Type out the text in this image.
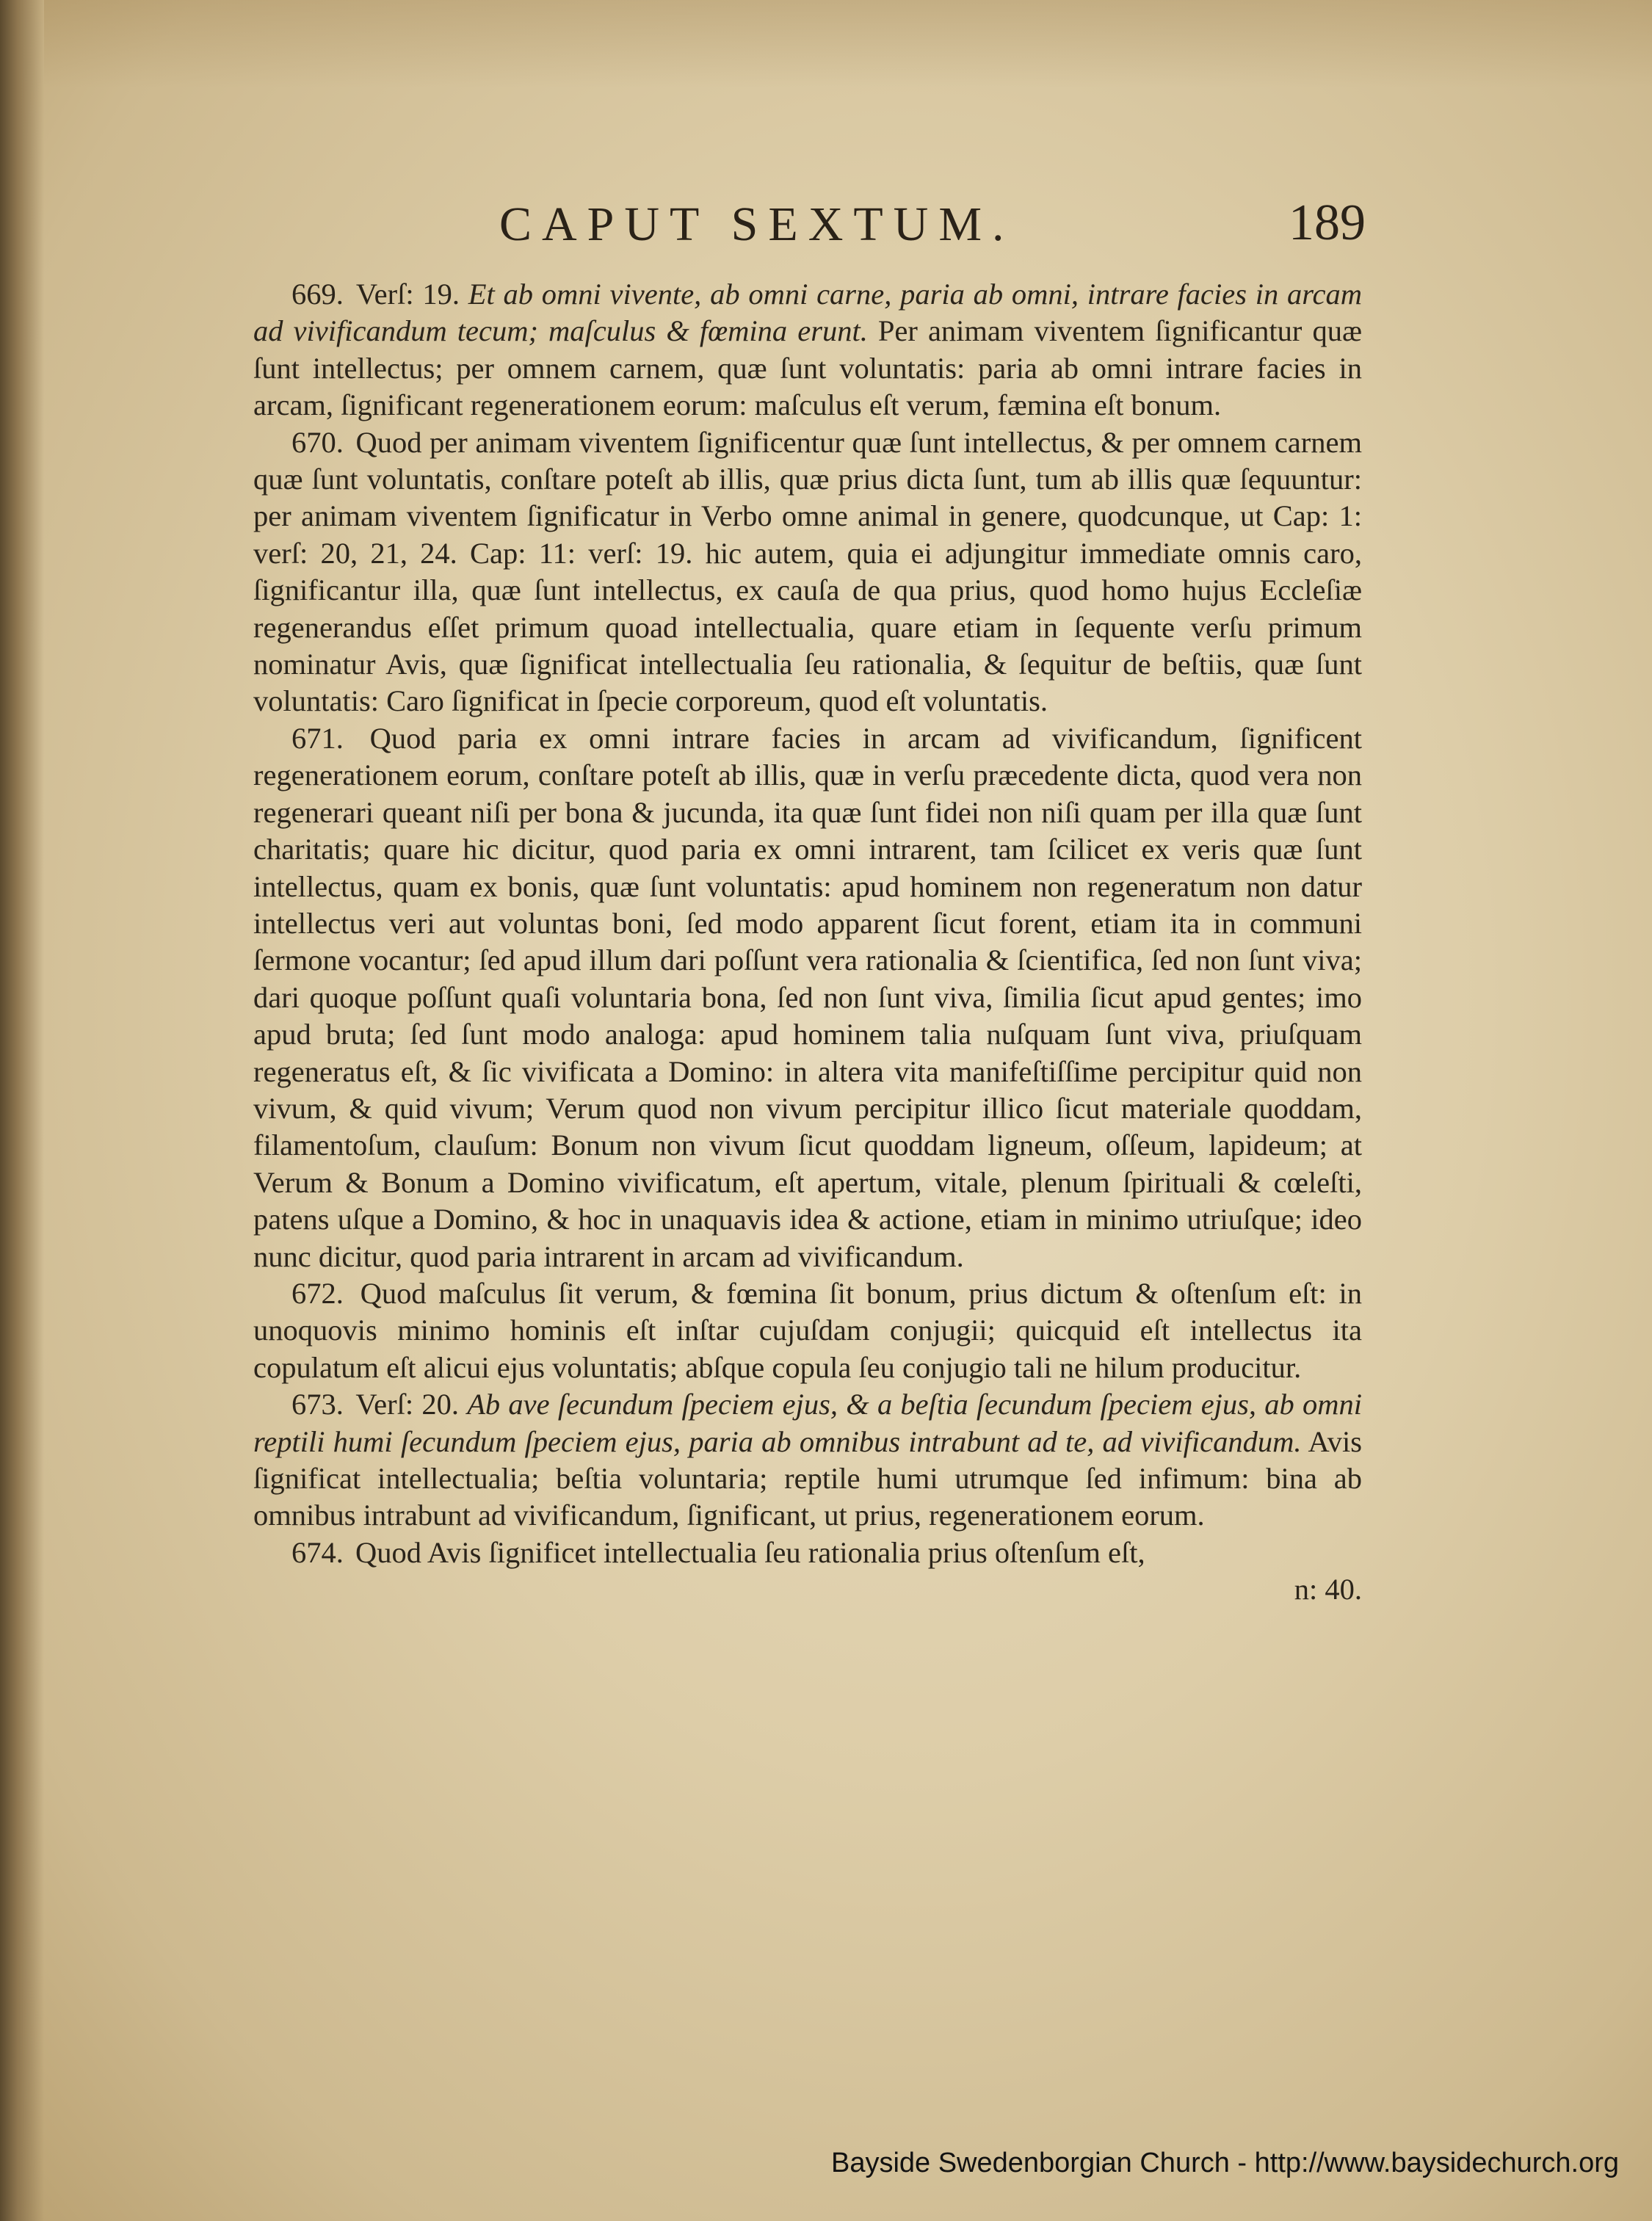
CAPUT SEXTUM.	189

669. Verſ: 19. Et ab omni vivente, ab omni carne, paria ab omni, intrare facies in arcam ad vivificandum tecum; maſculus & fœmina erunt. Per animam viventem ſignificantur quæ ſunt intellectus; per omnem carnem, quæ ſunt voluntatis: paria ab omni intrare facies in arcam, ſignificant regenerationem eorum: maſculus eſt verum, fæmina eſt bonum.

670. Quod per animam viventem ſignificentur quæ ſunt intellectus, & per omnem carnem quæ ſunt voluntatis, conſtare poteſt ab illis, quæ prius dicta ſunt, tum ab illis quæ ſequuntur: per animam viventem ſignificatur in Verbo omne animal in genere, quodcunque, ut Cap: 1: verſ: 20, 21, 24. Cap: 11: verſ: 19. hic autem, quia ei adjungitur immediate omnis caro, ſignificantur illa, quæ ſunt intellectus, ex cauſa de qua prius, quod homo hujus Eccleſiæ regenerandus eſſet primum quoad intellectualia, quare etiam in ſequente verſu primum nominatur Avis, quæ ſignificat intellectualia ſeu rationalia, & ſequitur de beſtiis, quæ ſunt voluntatis: Caro ſignificat in ſpecie corporeum, quod eſt voluntatis.

671. Quod paria ex omni intrare facies in arcam ad vivificandum, ſignificent regenerationem eorum, conſtare poteſt ab illis, quæ in verſu præcedente dicta, quod vera non regenerari queant niſi per bona & jucunda, ita quæ ſunt fidei non niſi quam per illa quæ ſunt charitatis; quare hic dicitur, quod paria ex omni intrarent, tam ſcilicet ex veris quæ ſunt intellectus, quam ex bonis, quæ ſunt voluntatis: apud hominem non regeneratum non datur intellectus veri aut voluntas boni, ſed modo apparent ſicut forent, etiam ita in communi ſermone vocantur; ſed apud illum dari poſſunt vera rationalia & ſcientifica, ſed non ſunt viva; dari quoque poſſunt quaſi voluntaria bona, ſed non ſunt viva, ſimilia ſicut apud gentes; imo apud bruta; ſed ſunt modo analoga: apud hominem talia nuſquam ſunt viva, priuſquam regeneratus eſt, & ſic vivificata a Domino: in altera vita manifeſtiſſime percipitur quid non vivum, & quid vivum; Verum quod non vivum percipitur illico ſicut materiale quoddam, filamentoſum, clauſum: Bonum non vivum ſicut quoddam ligneum, oſſeum, lapideum; at Verum & Bonum a Domino vivificatum, eſt apertum, vitale, plenum ſpirituali & cœleſti, patens uſque a Domino, & hoc in unaquavis idea & actione, etiam in minimo utriuſque; ideo nunc dicitur, quod paria intrarent in arcam ad vivificandum.

672. Quod maſculus ſit verum, & fœmina ſit bonum, prius dictum & oſtenſum eſt: in unoquovis minimo hominis eſt inſtar cujuſdam conjugii; quicquid eſt intellectus ita copulatum eſt alicui ejus voluntatis; abſque copula ſeu conjugio tali ne hilum producitur.

673. Verſ: 20. Ab ave ſecundum ſpeciem ejus, & a beſtia ſecundum ſpeciem ejus, ab omni reptili humi ſecundum ſpeciem ejus, paria ab omnibus intrabunt ad te, ad vivificandum. Avis ſignificat intellectualia; beſtia voluntaria; reptile humi utrumque ſed infimum: bina ab omnibus intrabunt ad vivificandum, ſignificant, ut prius, regenerationem eorum.

674. Quod Avis ſignificet intellectualia ſeu rationalia prius oſtenſum eſt,

n: 40.

Bayside Swedenborgian Church - http://www.baysidechurch.org
